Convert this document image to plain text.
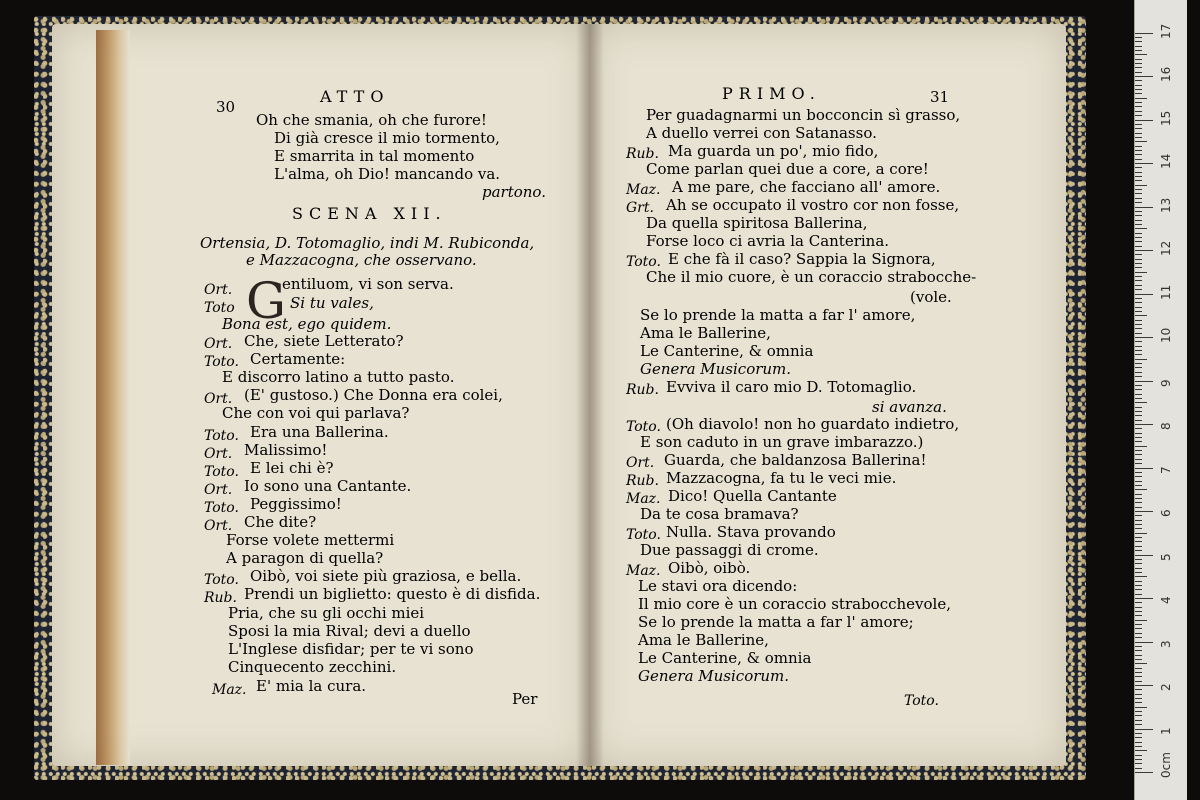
30
ATTO
Oh che smania, oh che furore!
Di già cresce il mio tormento,
E smarrita in tal momento
L'alma, oh Dio! mancando va.
partono.
SCENA XII.
Ortensia, D. Totomaglio, indi M. Rubiconda,
e Mazzacogna, che osservano.
G
Ort.	entiluom, vi son serva.
Toto	Si tu vales,
Bona est, ego quidem.
Ort. Che, siete Letterato?
Toto. Certamente:
E discorro latino a tutto pasto.
Ort. (E' gustoso.) Che Donna era colei,
Che con voi qui parlava?
Toto. Era una Ballerina.
Ort. Malissimo!
Toto. E lei chi è?
Ort. Io sono una Cantante.
Toto. Peggissimo!
Ort. Che dite?
Forse volete mettermi
A paragon di quella?
Toto. Oibò, voi siete più graziosa, e bella.
Rub. Prendi un biglietto: questo è di disfida.
Pria, che su gli occhi miei
Sposi la mia Rival; devi a duello
L'Inglese disfidar; per te vi sono
Cinquecento zecchini.
Maz. E' mia la cura.
Per
PRIMO.	31
Per guadagnarmi un bocconcin sì grasso,
A duello verrei con Satanasso.
Rub. Ma guarda un po', mio fido,
Come parlan quei due a core, a core!
Maz. A me pare, che facciano all' amore.
Grt. Ah se occupato il vostro cor non fosse,
Da quella spiritosa Ballerina,
Forse loco ci avria la Canterina.
Toto. E che fà il caso? Sappia la Signora,
Che il mio cuore, è un coraccio strabocche-
(vole.
Se lo prende la matta a far l' amore,
Ama le Ballerine,
Le Canterine, & omnia
Genera Musicorum.
Rub. Evviva il caro mio D. Totomaglio.
si avanza.
Toto. (Oh diavolo! non ho guardato indietro,
E son caduto in un grave imbarazzo.)
Ort. Guarda, che baldanzosa Ballerina!
Rub. Mazzacogna, fa tu le veci mie.
Maz. Dico! Quella Cantante
Da te cosa bramava?
Toto. Nulla. Stava provando
Due passaggi di crome.
Maz. Oibò, oibò.
Le stavi ora dicendo:
Il mio core è un coraccio strabocchevole,
Se lo prende la matta a far l' amore;
Ama le Ballerine,
Le Canterine, & omnia
Genera Musicorum.
Toto.
0cm
1
2
3
4
5
6
7
8
9
10
11
12
13
14
15
16
17
